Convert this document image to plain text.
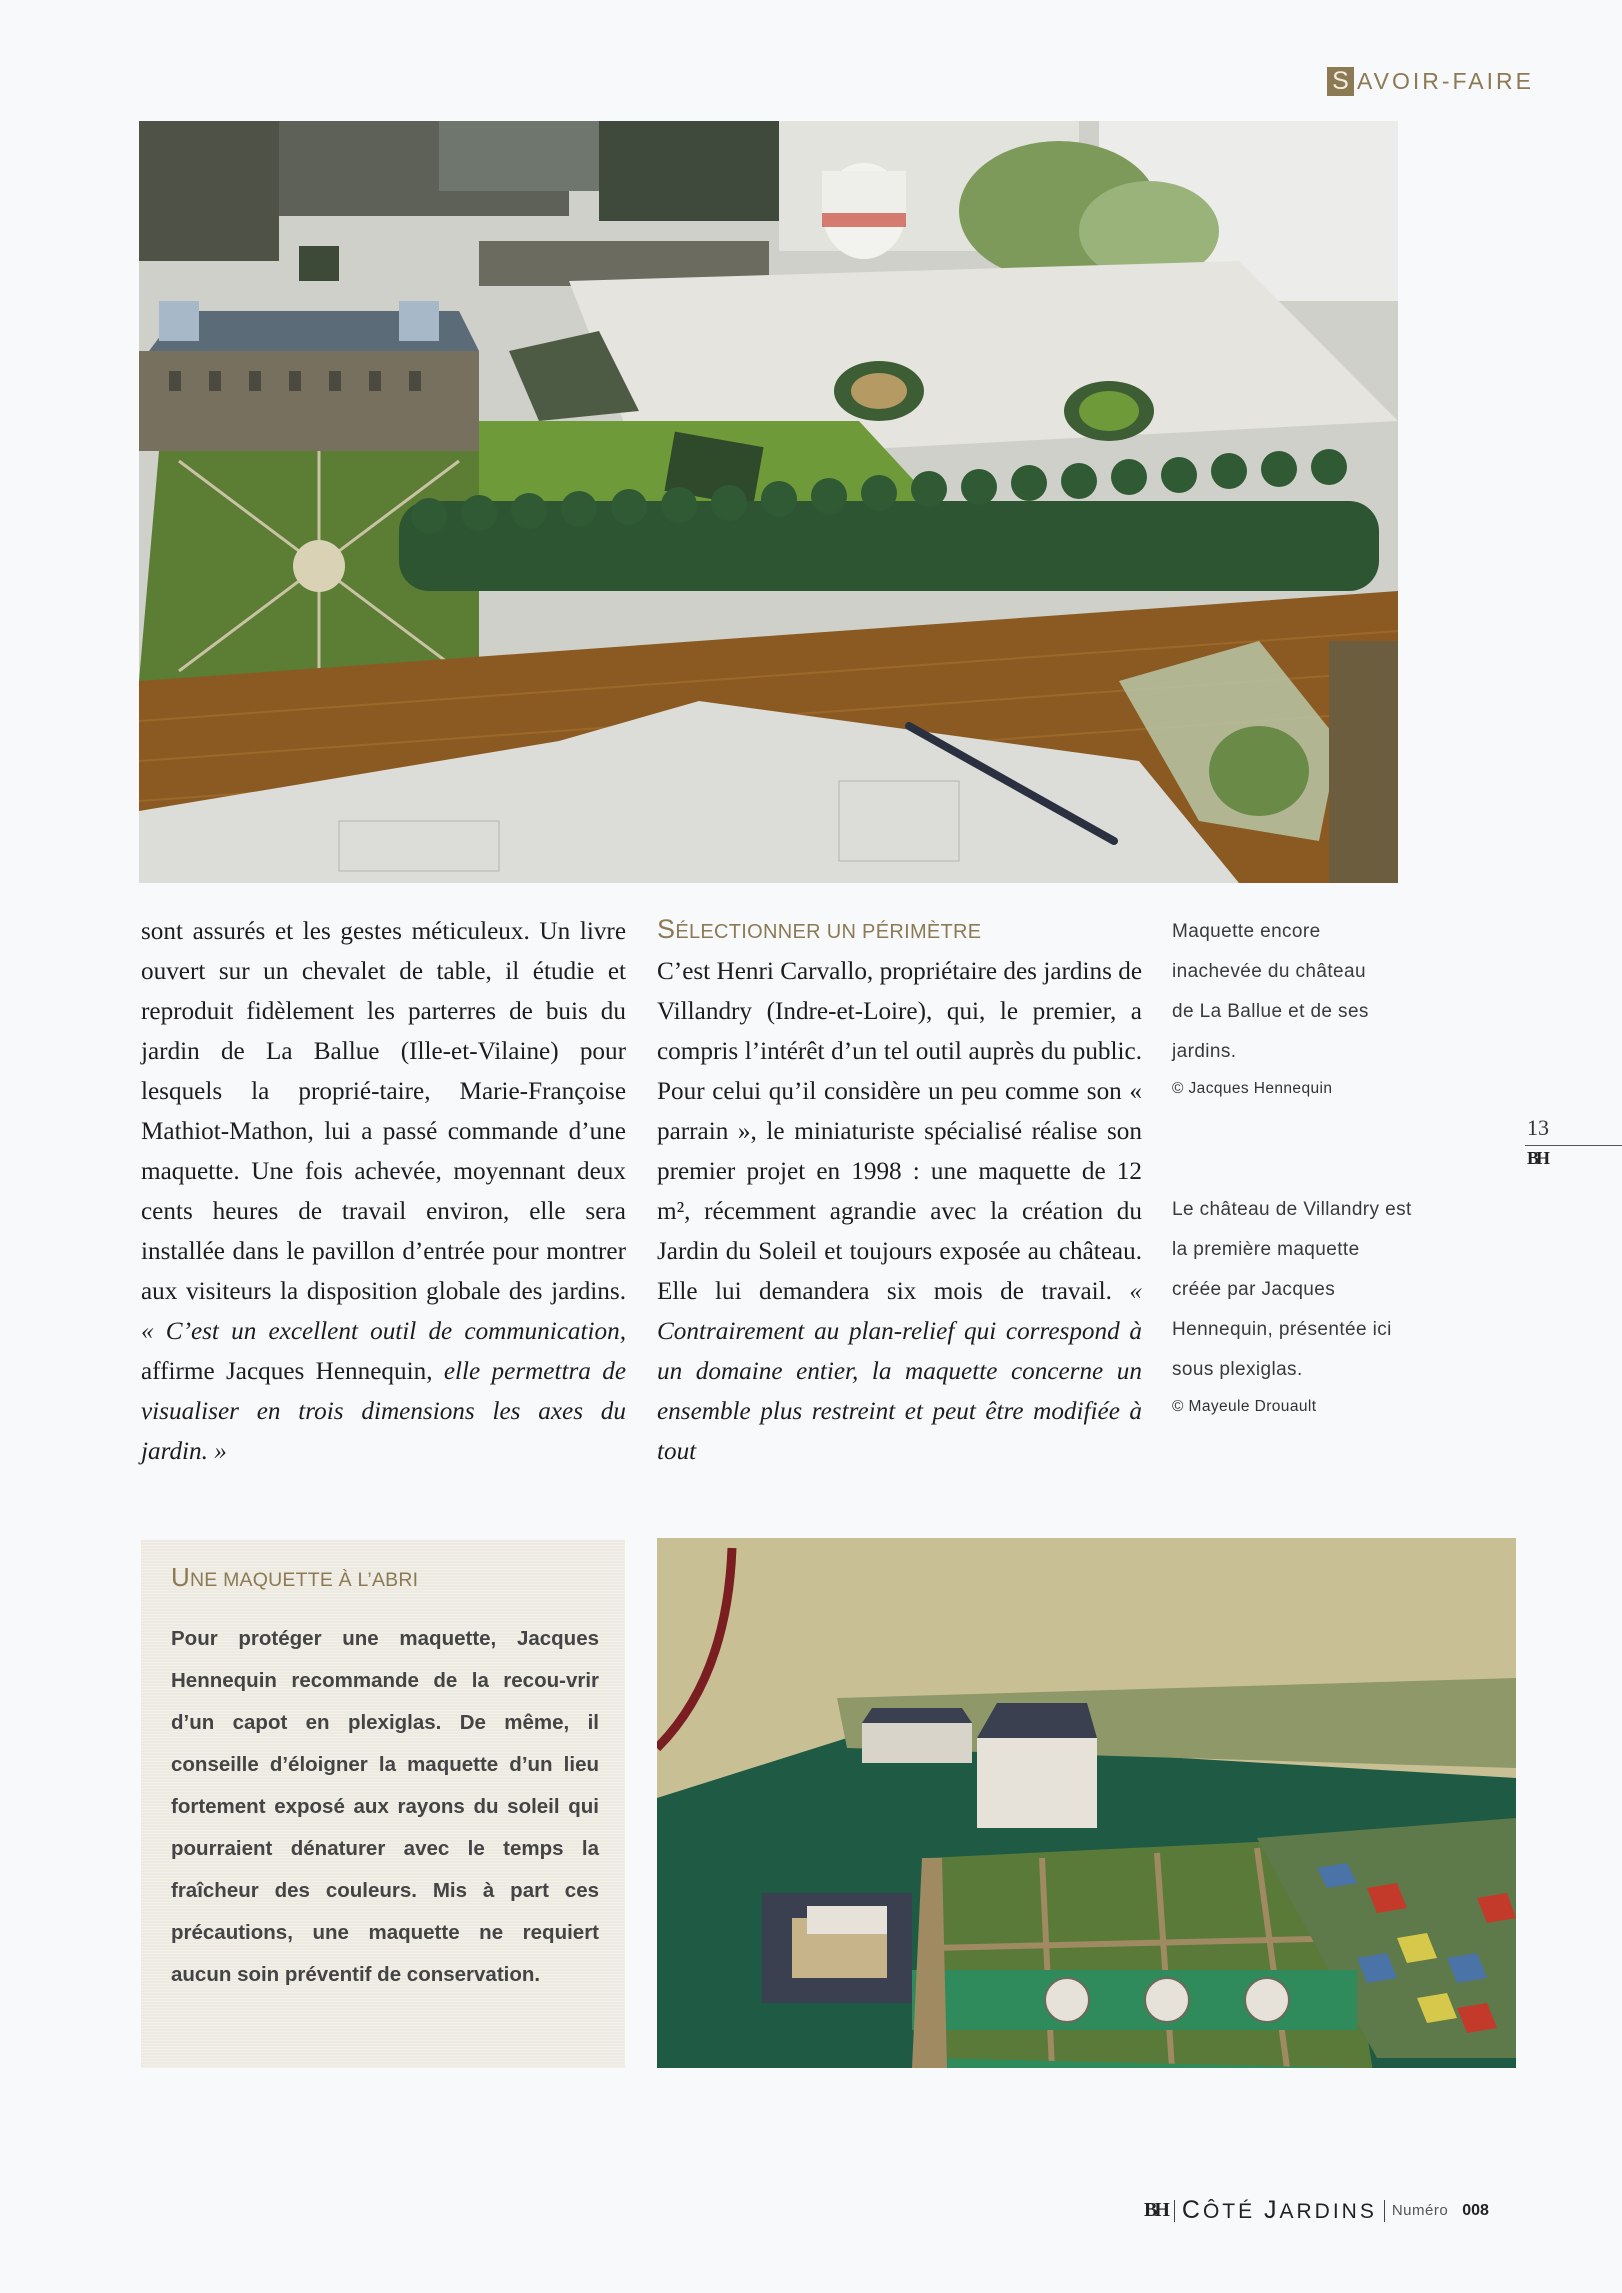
S AVOIR-FAIRE

sont assurés et les gestes méticuleux. Un livre ouvert sur un chevalet de table, il étudie et reproduit fidèlement les parterres de buis du jardin de La Ballue (Ille-et-Vilaine) pour lesquels la proprié-taire, Marie-Françoise Mathiot-Mathon, lui a passé commande d’une maquette. Une fois achevée, moyennant deux cents heures de travail environ, elle sera installée dans le pavillon d’entrée pour montrer aux visiteurs la disposition globale des jardins. « C’est un excellent outil de communication, affirme Jacques Hennequin, elle permettra de visualiser en trois dimensions les axes du jardin. »

SÉLECTIONNER UN PÉRIMÈTRE

C’est Henri Carvallo, propriétaire des jardins de Villandry (Indre-et-Loire), qui, le premier, a compris l’intérêt d’un tel outil auprès du public. Pour celui qu’il considère un peu comme son « parrain », le miniaturiste spécialisé réalise son premier projet en 1998 : une maquette de 12 m², récemment agrandie avec la création du Jardin du Soleil et toujours exposée au château. Elle lui demandera six mois de travail. « Contrairement au plan-relief qui correspond à un domaine entier, la maquette concerne un ensemble plus restreint et peut être modifiée à tout

Maquette encore inachevée du château de La Ballue et de ses jardins.
© Jacques Hennequin
Le château de Villandry est la première maquette créée par Jacques Hennequin, présentée ici sous plexiglas.
© Mayeule Drouault
13
BH
UNE MAQUETTE À L’ABRI
Pour protéger une maquette, Jacques Hennequin recommande de la recou-vrir d’un capot en plexiglas. De même, il conseille d’éloigner la maquette d’un lieu fortement exposé aux rayons du soleil qui pourraient dénaturer avec le temps la fraîcheur des couleurs. Mis à part ces précautions, une maquette ne requiert aucun soin préventif de conservation.
BH CÔTÉ JARDINS Numéro 008
